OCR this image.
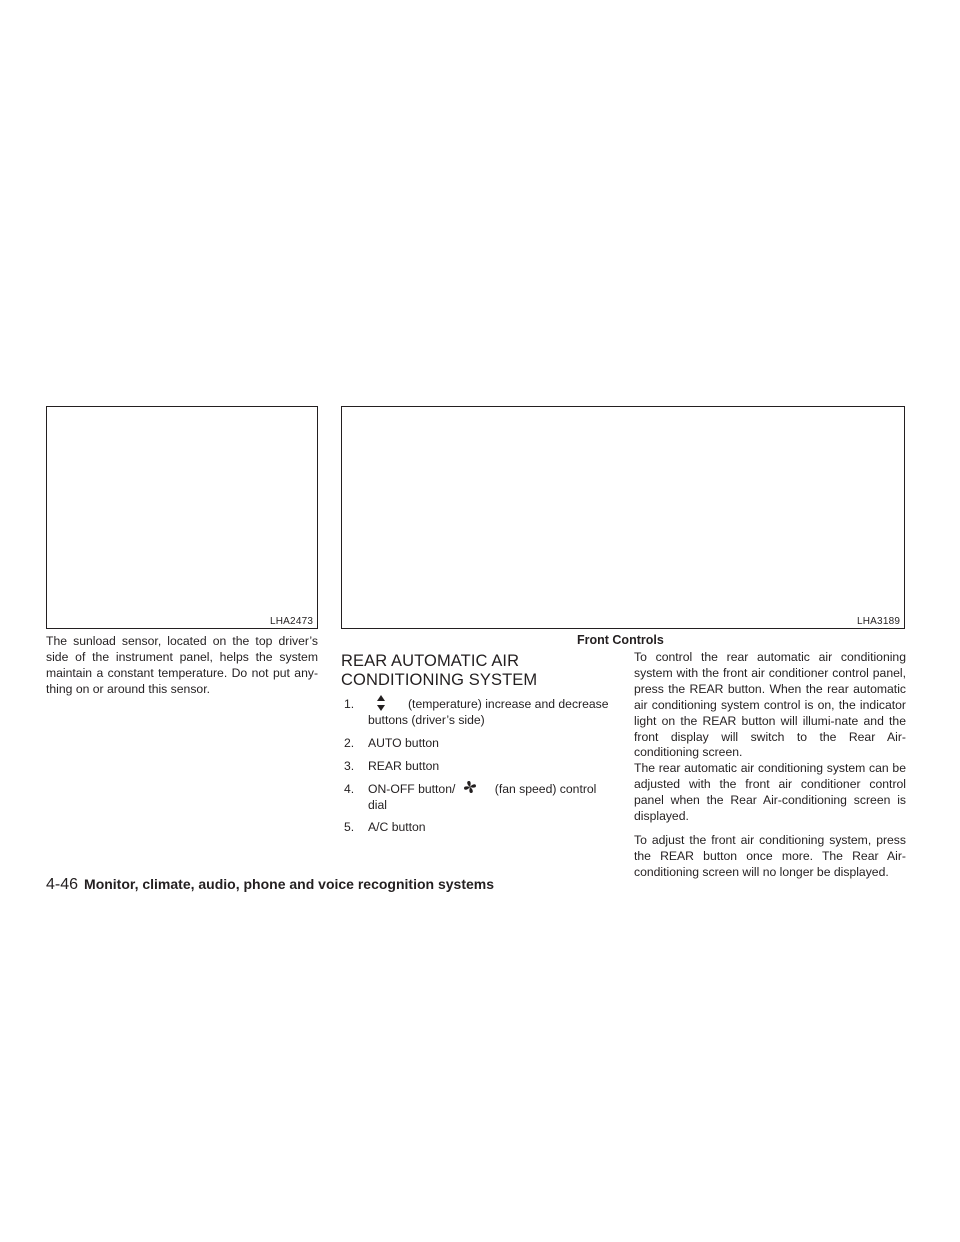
LHA2473	LHA3189
Front Controls

The sunload sensor, located on the top driver’s side of the instrument panel, helps the system maintain a constant temperature. Do not put any-thing on or around this sensor.

REAR AUTOMATIC AIR
CONDITIONING SYSTEM
1.	(temperature) increase and decrease
buttons (driver’s side)
2. AUTO button
3. REAR button
4. ON-OFF button/	(fan speed) control
dial
5. A/C button

To control the rear automatic air conditioning system with the front air conditioner control panel, press the REAR button. When the rear automatic air conditioning system control is on, the indicator light on the REAR button will illumi-nate and the front display will switch to the Rear Air-conditioning screen.

The rear automatic air conditioning system can be adjusted with the front air conditioner control panel when the Rear Air-conditioning screen is displayed.

To adjust the front air conditioning system, press the REAR button once more. The Rear Air-conditioning screen will no longer be displayed.

4-46 Monitor, climate, audio, phone and voice recognition systems
